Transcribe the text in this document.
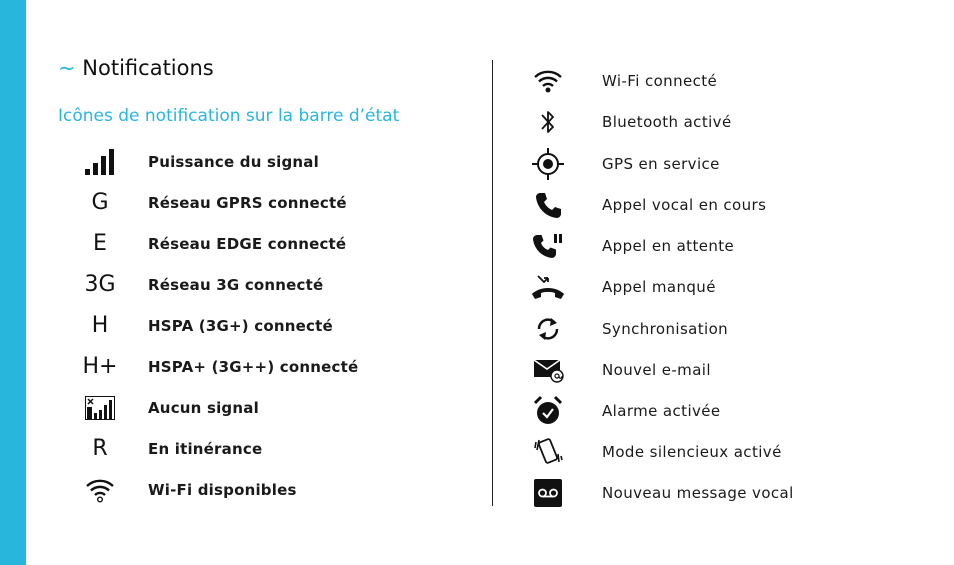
~ Notifications
Icônes de notification sur la barre d’état
Puissance du signal
G	Réseau GPRS connecté
E	Réseau EDGE connecté
3G Réseau 3G connecté
H	HSPA (3G+) connecté
H+ HSPA+ (3G++) connecté
Aucun signal
R	En itinérance
Wi-Fi disponibles
Wi-Fi connecté
Bluetooth activé
GPS en service
Appel vocal en cours
Appel en attente
Appel manqué
Synchronisation
Nouvel e-mail
Alarme activée
Mode silencieux activé
Nouveau message vocal
